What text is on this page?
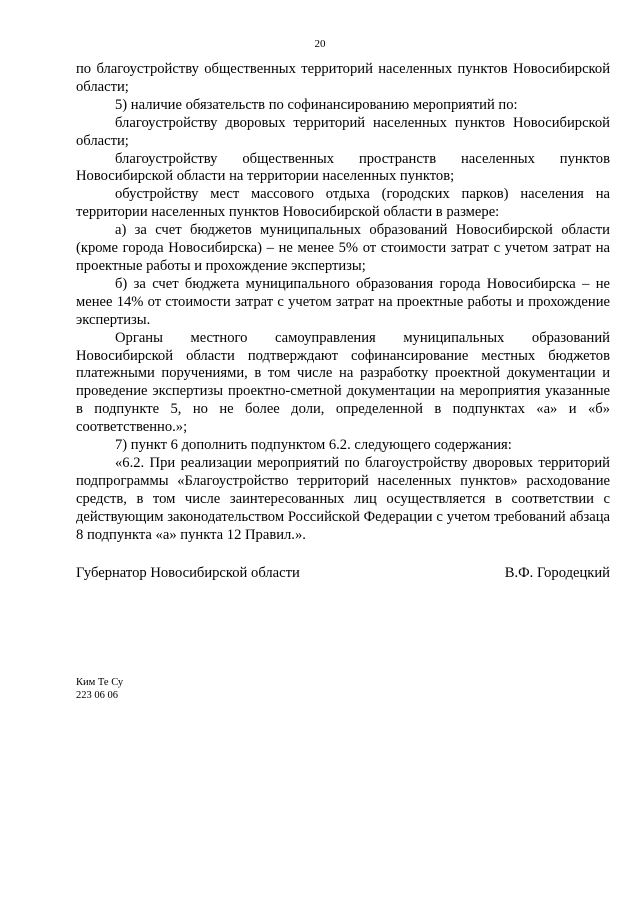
20

по благоустройству общественных территорий населенных пунктов Новосибирской области;

5) наличие обязательств по софинансированию мероприятий по:

благоустройству дворовых территорий населенных пунктов Новосибирской области;

благоустройству общественных пространств населенных пунктов Новосибирской области на территории населенных пунктов;

обустройству мест массового отдыха (городских парков) населения на территории населенных пунктов Новосибирской области в размере:

а) за счет бюджетов муниципальных образований Новосибирской области (кроме города Новосибирска) – не менее 5% от стоимости затрат с учетом затрат на проектные работы и прохождение экспертизы;

б) за счет бюджета муниципального образования города Новосибирска – не менее 14% от стоимости затрат с учетом затрат на проектные работы и прохождение экспертизы.

Органы местного самоуправления муниципальных образований Новосибирской области подтверждают софинансирование местных бюджетов платежными поручениями, в том числе на разработку проектной документации и проведение экспертизы проектно-сметной документации на мероприятия указанные в подпункте 5, но не более доли, определенной в подпунктах «а» и «б» соответственно.»;

7) пункт 6 дополнить подпунктом 6.2. следующего содержания:

«6.2. При реализации мероприятий по благоустройству дворовых территорий подпрограммы «Благоустройство территорий населенных пунктов» расходование средств, в том числе заинтересованных лиц осуществляется в соответствии с действующим законодательством Российской Федерации с учетом требований абзаца 8 подпункта «а» пункта 12 Правил.».

Губернатор Новосибирской области	В.Ф. Городецкий
Ким Те Су
223 06 06
